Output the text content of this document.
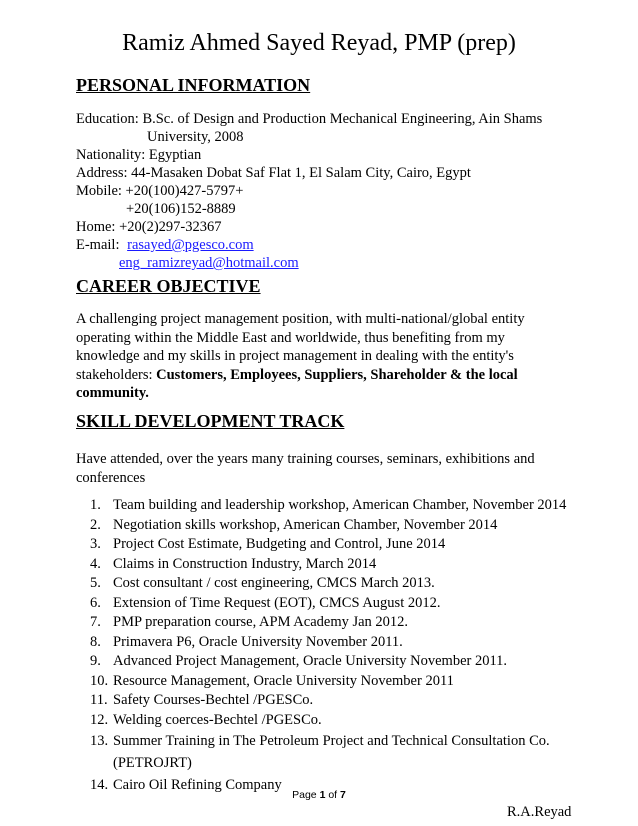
Ramiz Ahmed Sayed Reyad, PMP (prep)
PERSONAL INFORMATION
Education: B.Sc. of Design and Production Mechanical Engineering, Ain Shams
University, 2008
Nationality: Egyptian
Address: 44-Masaken Dobat Saf Flat 1, El Salam City, Cairo, Egypt
Mobile: +20(100)427-5797+
+20(106)152-8889
Home: +20(2)297-32367
E-mail: rasayed@pgesco.com
eng_ramizreyad@hotmail.com
CAREER OBJECTIVE
A challenging project management position, with multi-national/global entity operating within the Middle East and worldwide, thus benefiting from my knowledge and my skills in project management in dealing with the entity's stakeholders: Customers, Employees, Suppliers, Shareholder & the local community.
SKILL DEVELOPMENT TRACK
Have attended, over the years many training courses, seminars, exhibitions and conferences
1. Team building and leadership workshop, American Chamber, November 2014
2. Negotiation skills workshop, American Chamber, November 2014
3. Project Cost Estimate, Budgeting and Control, June 2014
4. Claims in Construction Industry, March 2014
5. Cost consultant / cost engineering, CMCS March 2013.
6. Extension of Time Request (EOT), CMCS August 2012.
7. PMP preparation course, APM Academy Jan 2012.
8. Primavera P6, Oracle University November 2011.
9. Advanced Project Management, Oracle University November 2011.
10. Resource Management, Oracle University November 2011
11. Safety Courses-Bechtel /PGESCo.
12. Welding coerces-Bechtel /PGESCo.
13. Summer Training in The Petroleum Project and Technical Consultation Co.
(PETROJRT)
14. Cairo Oil Refining Company
Page 1 of 7
R.A.Reyad
